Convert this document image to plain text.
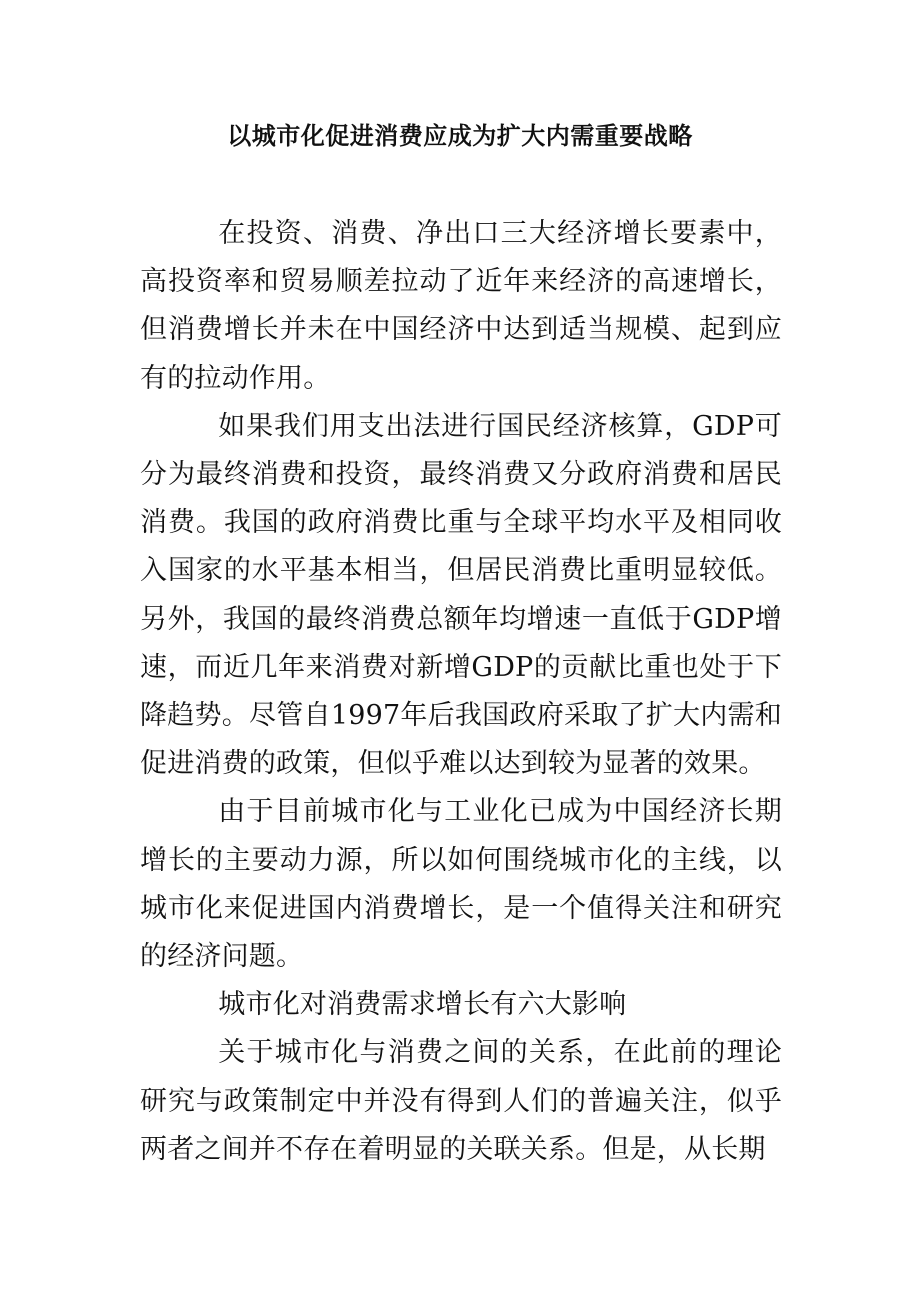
以城市化促进消费应成为扩大内需重要战略

在投资、消费、净出口三大经济增长要素中，高投资率和贸易顺差拉动了近年来经济的高速增长，但消费增长并未在中国经济中达到适当规模、起到应有的拉动作用。

如果我们用支出法进行国民经济核算，GDP可分为最终消费和投资，最终消费又分政府消费和居民消费。我国的政府消费比重与全球平均水平及相同收入国家的水平基本相当，但居民消费比重明显较低。另外，我国的最终消费总额年均增速一直低于GDP增速，而近几年来消费对新增GDP的贡献比重也处于下降趋势。尽管自1997年后我国政府采取了扩大内需和促进消费的政策，但似乎难以达到较为显著的效果。

由于目前城市化与工业化已成为中国经济长期增长的主要动力源，所以如何围绕城市化的主线，以城市化来促进国内消费增长，是一个值得关注和研究的经济问题。

城市化对消费需求增长有六大影响

关于城市化与消费之间的关系，在此前的理论研究与政策制定中并没有得到人们的普遍关注，似乎两者之间并不存在着明显的关联关系。但是，从长期
